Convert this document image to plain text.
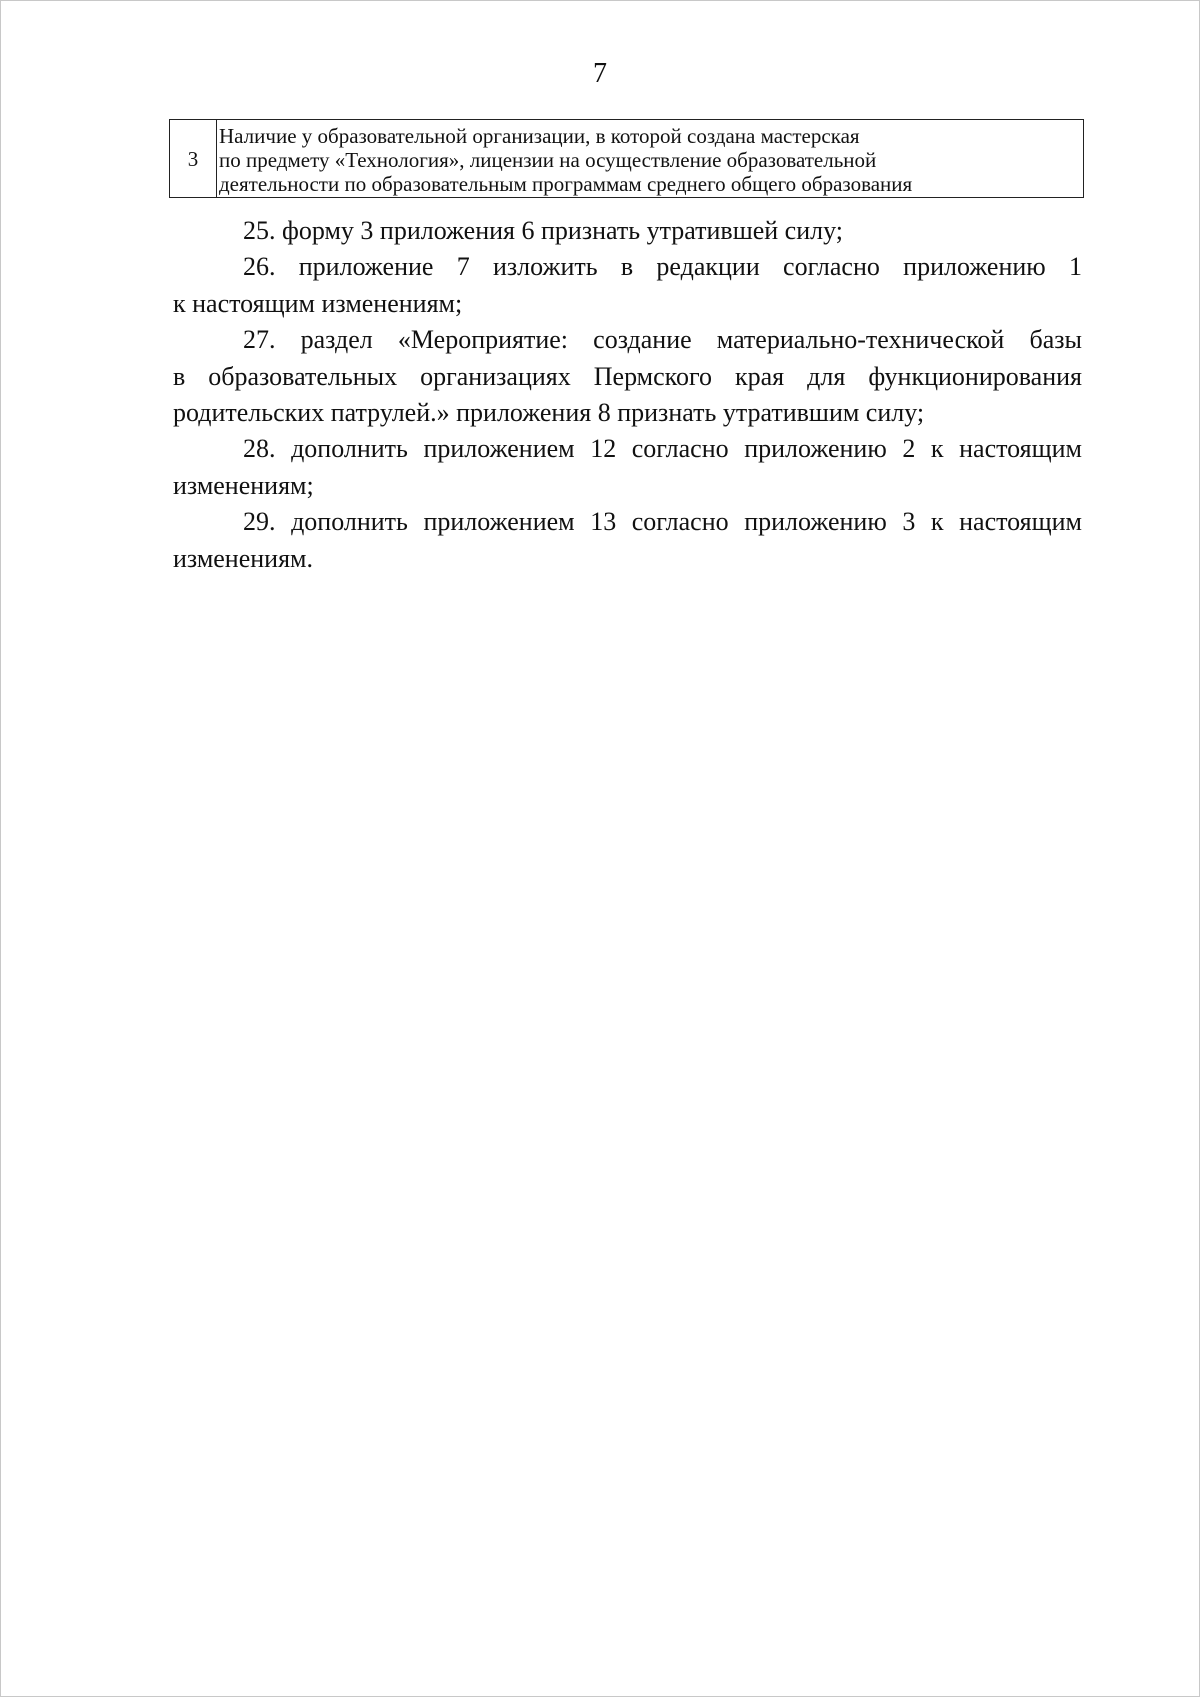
7
3	
Наличие у образовательной организации, в которой создана мастерская
по предмету «Технология», лицензии на осуществление образовательной
деятельности по образовательным программам среднего общего образования
25. форму 3 приложения 6 признать утратившей силу;
26. приложение 7 изложить в редакции согласно приложению 1
к настоящим изменениям;
27. раздел «Мероприятие: создание материально-технической базы
в образовательных организациях Пермского края для функционирования
родительских патрулей.» приложения 8 признать утратившим силу;
28. дополнить приложением 12 согласно приложению 2 к настоящим
изменениям;
29. дополнить приложением 13 согласно приложению 3 к настоящим
изменениям.
